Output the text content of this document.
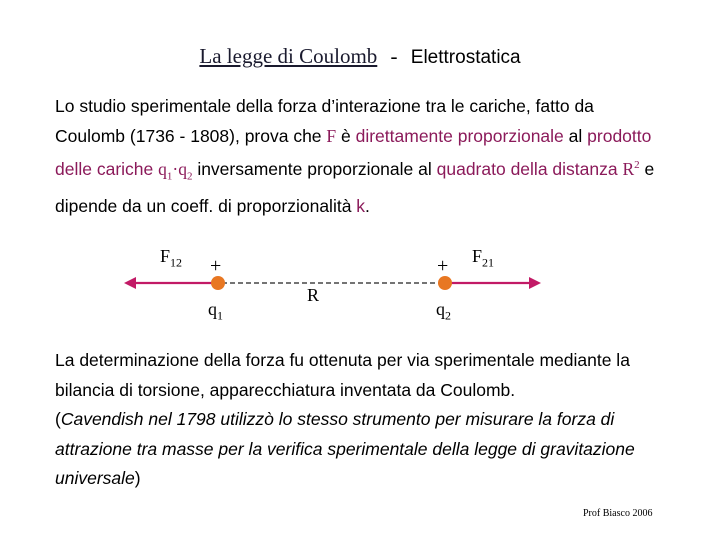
La legge di Coulomb - Elettrostatica
Lo studio sperimentale della forza d’interazione tra le cariche, fatto da Coulomb (1736 - 1808), prova che F è direttamente proporzionale al prodotto delle cariche $q_1\cdot q_2$ inversamente proporzionale al quadrato della distanza $R^2$ e dipende da un coeff. di proporzionalità k.
$F_{12}$	$F_{21}$
+	+
$q_1$	$q_2$
R
La determinazione della forza fu ottenuta per via sperimentale mediante la bilancia di torsione, apparecchiatura inventata da Coulomb.
(Cavendish nel 1798 utilizzò lo stesso strumento per misurare la forza di attrazione tra masse per la verifica sperimentale della legge di gravitazione universale)
Prof Biasco 2006
